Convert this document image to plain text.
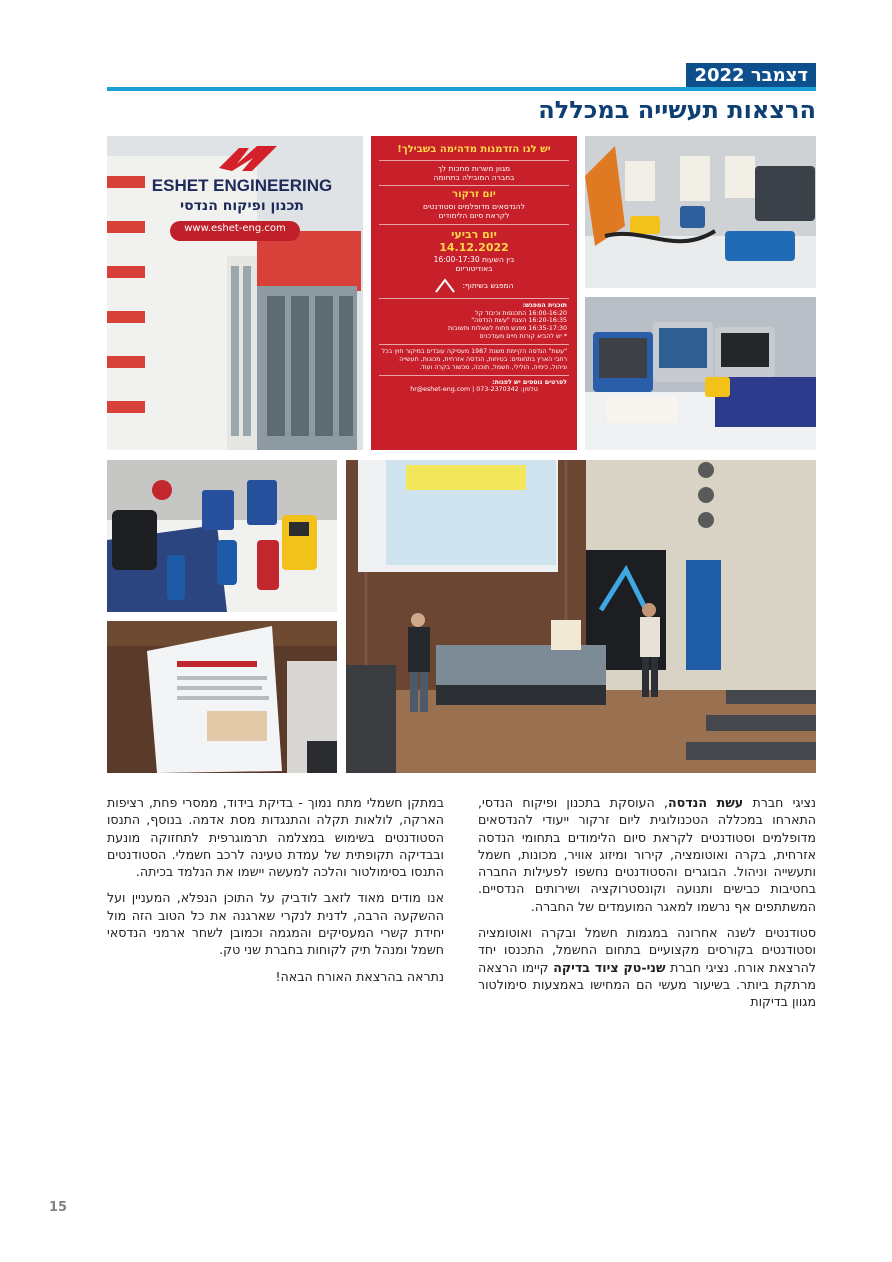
דצמבר 2022
הרצאות תעשייה במכללה
ESHET ENGINEERING
תכנון ופיקוח הנדסי
www.eshet-eng.com
יש לנו הזדמנות מדהימה בשבילך!
מגוון משרות מחכות לך
בחברה המובילה בתחומה
יום זרקור
להנדסאים מדופלמים וסטודנטים
לקראת סיום הלימודים
יום רביעי
14.12.2022
בין השעות 16:00-17:30
באודיטוריום
המפגש בשיתוף:
תוכנית המפגש:
16:00-16:20 התכנסות וכיבוד קל
16:20-16:35 הצגת "עשת הנדסה"
16:35-17:30 מפגש פתוח לשאלות ותשובות
* יש להביא קורות חיים מעודכנים
"עשת" הנדסה הקיימת משנת 1987 מעסיקה עובדים במיקור חוץ בכל רחבי הארץ בתחומים: בטיחות, הנדסה אזרחית, מכונות, תעשייה וניהול, כימיה, הולילי, חשמל, תוכנה, מכשור בקרה ועוד.
לפרטים נוספים יש לפנות:
hr@eshet-eng.com | 073-2370342 :טלפון

נציגי חברת עשת הנדסה, העוסקת בתכנון ופיקוח הנדסי, התארחו במכללה הטכנולוגית ליום זרקור ייעודי להנדסאים מדופלמים וסטודנטים לקראת סיום הלימודים בתחומי הנדסה אזרחית, בקרה ואוטומציה, קירור ומיזוג אוויר, מכונות, חשמל ותעשייה וניהול. הבוגרים והסטודנטים נחשפו לפעילות החברה בחטיבות כבישים ותנועה וקונסטרוקציה ושירותים הנדסיים. המשתתפים אף נרשמו למאגר המועמדים של החברה.

סטודנטים לשנה אחרונה במגמות חשמל ובקרה ואוטומציה וסטודנטים בקורסים מקצועיים בתחום החשמל, התכנסו יחד להרצאת אורח. נציגי חברת שני-טק ציוד בדיקה קיימו הרצאה מרתקת ביותר. בשיעור מעשי הם המחישו באמצעות סימולטור מגוון בדיקות

במתקן חשמלי מתח נמוך - בדיקת בידוד, ממסרי פחת, רציפות הארקה, לולאות תקלה והתנגדות מסת אדמה. בנוסף, התנסו הסטודנטים בשימוש במצלמה תרמוגרפית לתחזוקה מונעת ובבדיקה תקופתית של עמדת טעינה לרכב חשמלי. הסטודנטים התנסו בסימולטור והלכה למעשה יישמו את הנלמד בכיתה.

אנו מודים מאוד לזאב לודביק על התוכן הנפלא, המעניין ועל ההשקעה הרבה, לדנית לנקרי שארגנה את כל הטוב הזה מול יחידת קשרי המעסיקים והמגמה וכמובן לשחר ארמני הנדסאי חשמל ומנהל תיק לקוחות בחברת שני טק.

נתראה בהרצאת האורח הבאה!

15
